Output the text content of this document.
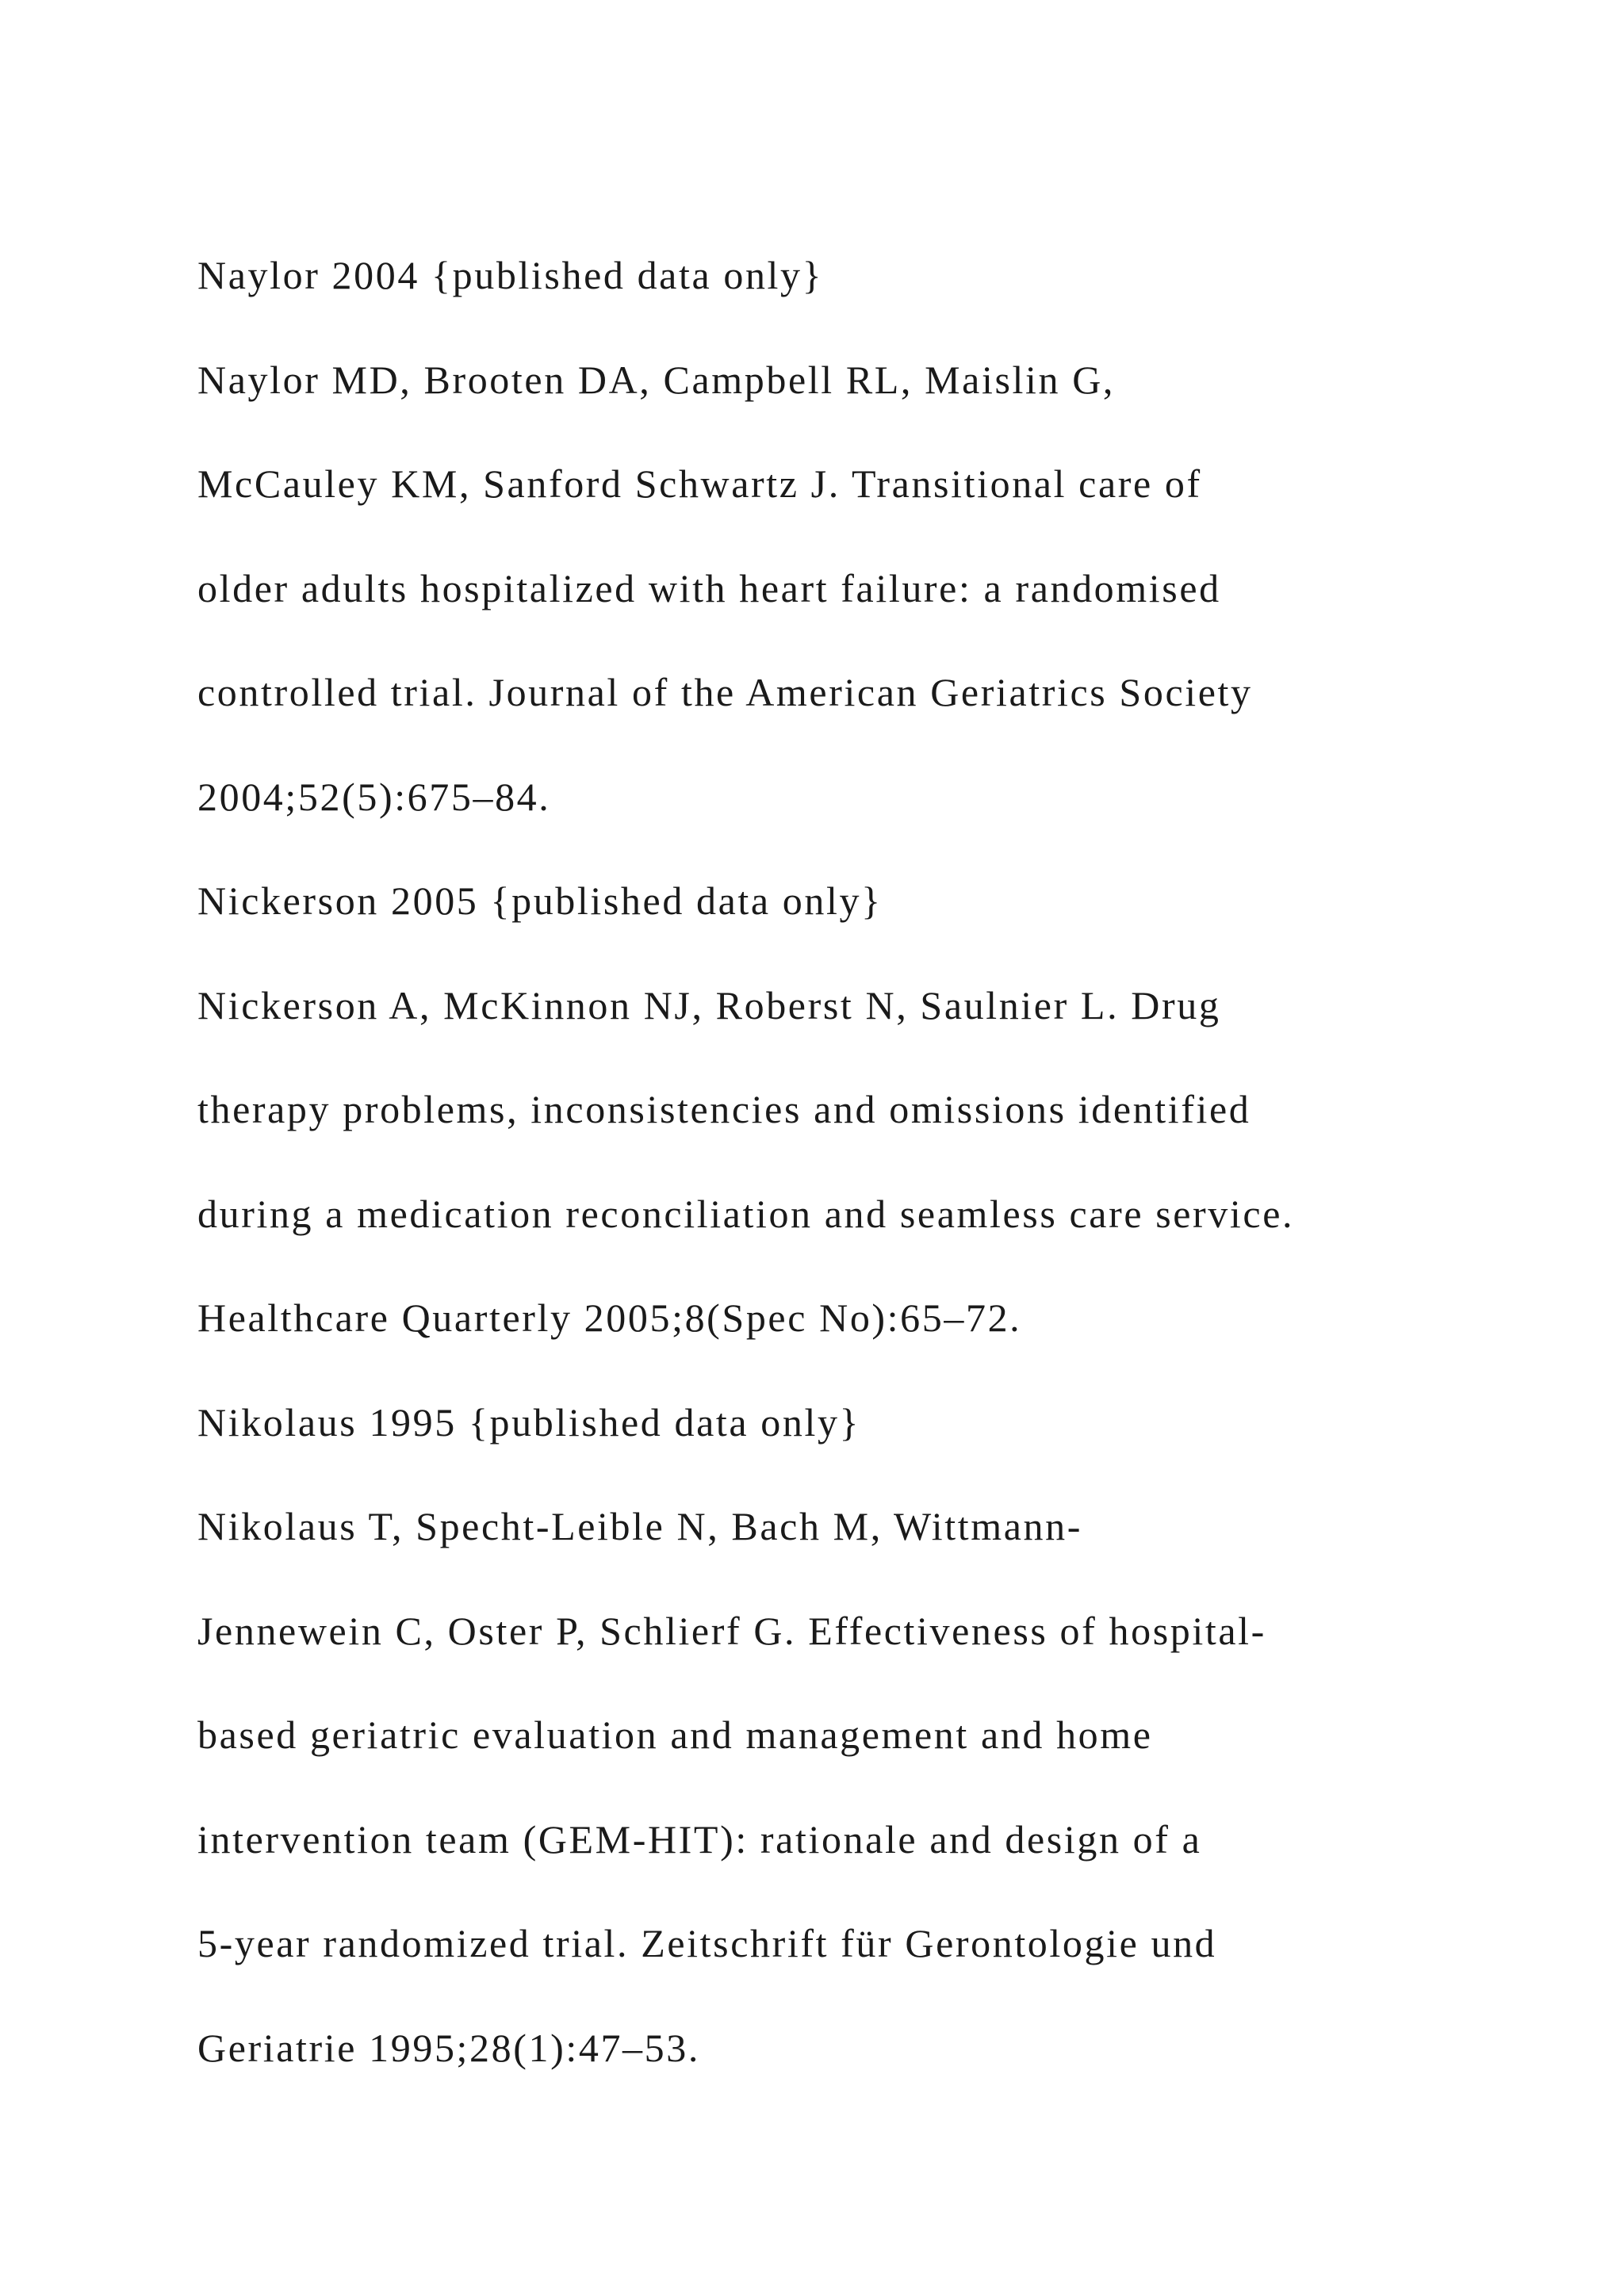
Naylor 2004 {published data only}
Naylor MD, Brooten DA, Campbell RL, Maislin G,
McCauley KM, Sanford Schwartz J. Transitional care of
older adults hospitalized with heart failure: a randomised
controlled trial. Journal of the American Geriatrics Society
2004;52(5):675–84.
Nickerson 2005 {published data only}
Nickerson A, McKinnon NJ, Roberst N, Saulnier L. Drug
therapy problems, inconsistencies and omissions identified
during a medication reconciliation and seamless care service.
Healthcare Quarterly 2005;8(Spec No):65–72.
Nikolaus 1995 {published data only}
Nikolaus T, Specht-Leible N, Bach M, Wittmann-
Jennewein C, Oster P, Schlierf G. Effectiveness of hospital-
based geriatric evaluation and management and home
intervention team (GEM-HIT): rationale and design of a
5-year randomized trial. Zeitschrift für Gerontologie und
Geriatrie 1995;28(1):47–53.
